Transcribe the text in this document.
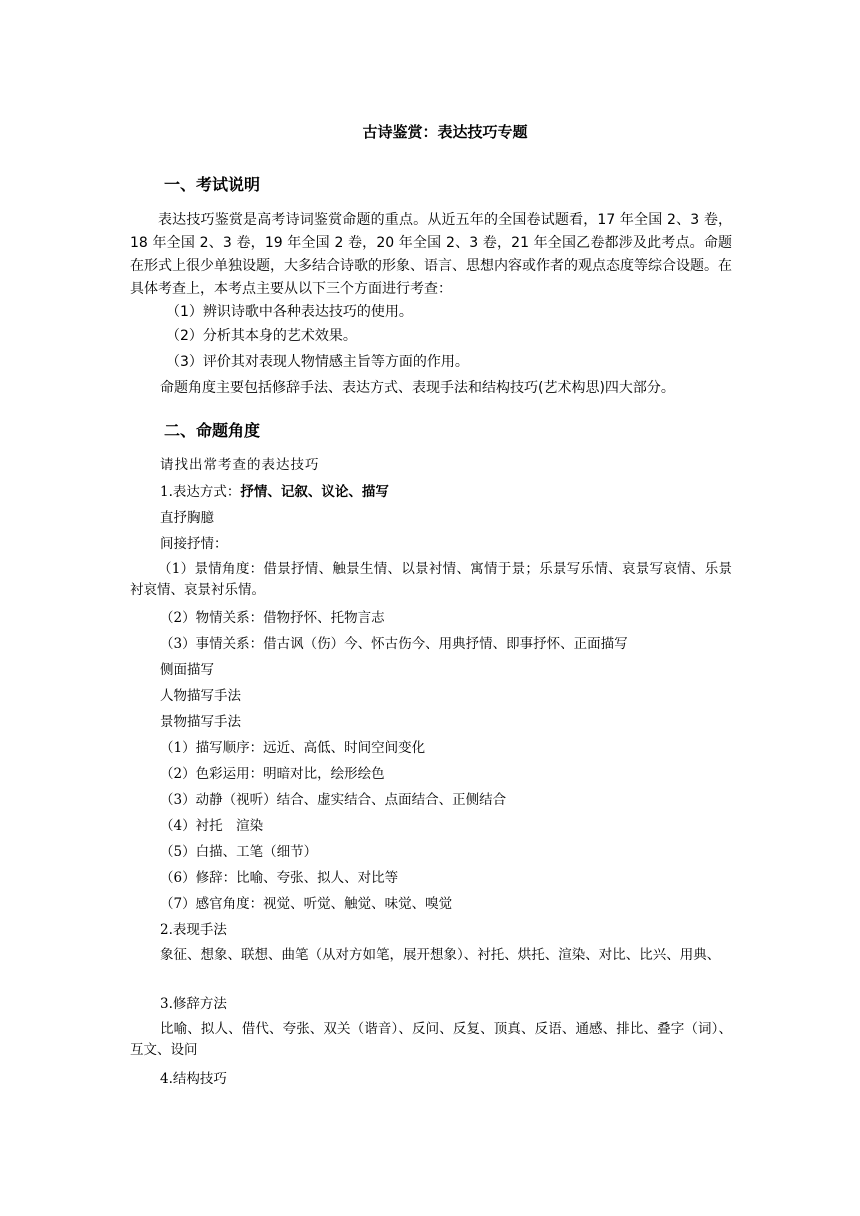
古诗鉴赏：表达技巧专题
一、考试说明
表达技巧鉴赏是高考诗词鉴赏命题的重点。从近五年的全国卷试题看，17 年全国 2、3 卷，18 年全国 2、3 卷，19 年全国 2 卷，20 年全国 2、3 卷，21 年全国乙卷都涉及此考点。命题在形式上很少单独设题，大多结合诗歌的形象、语言、思想内容或作者的观点态度等综合设题。在具体考查上，本考点主要从以下三个方面进行考查：
（1）辨识诗歌中各种表达技巧的使用。
（2）分析其本身的艺术效果。
（3）评价其对表现人物情感主旨等方面的作用。
命题角度主要包括修辞手法、表达方式、表现手法和结构技巧(艺术构思)四大部分。
二、命题角度
请找出常考查的表达技巧
1.表达方式：抒情、记叙、议论、描写
直抒胸臆
间接抒情：
（1）景情角度：借景抒情、触景生情、以景衬情、寓情于景；乐景写乐情、哀景写哀情、乐景衬哀情、哀景衬乐情。
（2）物情关系：借物抒怀、托物言志
（3）事情关系：借古讽（伤）今、怀古伤今、用典抒情、即事抒怀、正面描写
侧面描写
人物描写手法
景物描写手法
（1）描写顺序：远近、高低、时间空间变化
（2）色彩运用：明暗对比，绘形绘色
（3）动静（视听）结合、虚实结合、点面结合、正侧结合
（4）衬托　渲染
（5）白描、工笔（细节）
（6）修辞：比喻、夸张、拟人、对比等
（7）感官角度：视觉、听觉、触觉、味觉、嗅觉
2.表现手法
象征、想象、联想、曲笔（从对方如笔，展开想象）、衬托、烘托、渲染、对比、比兴、用典、
3.修辞方法
比喻、拟人、借代、夸张、双关（谐音）、反问、反复、顶真、反语、通感、排比、叠字（词）、互文、设问
4.结构技巧
